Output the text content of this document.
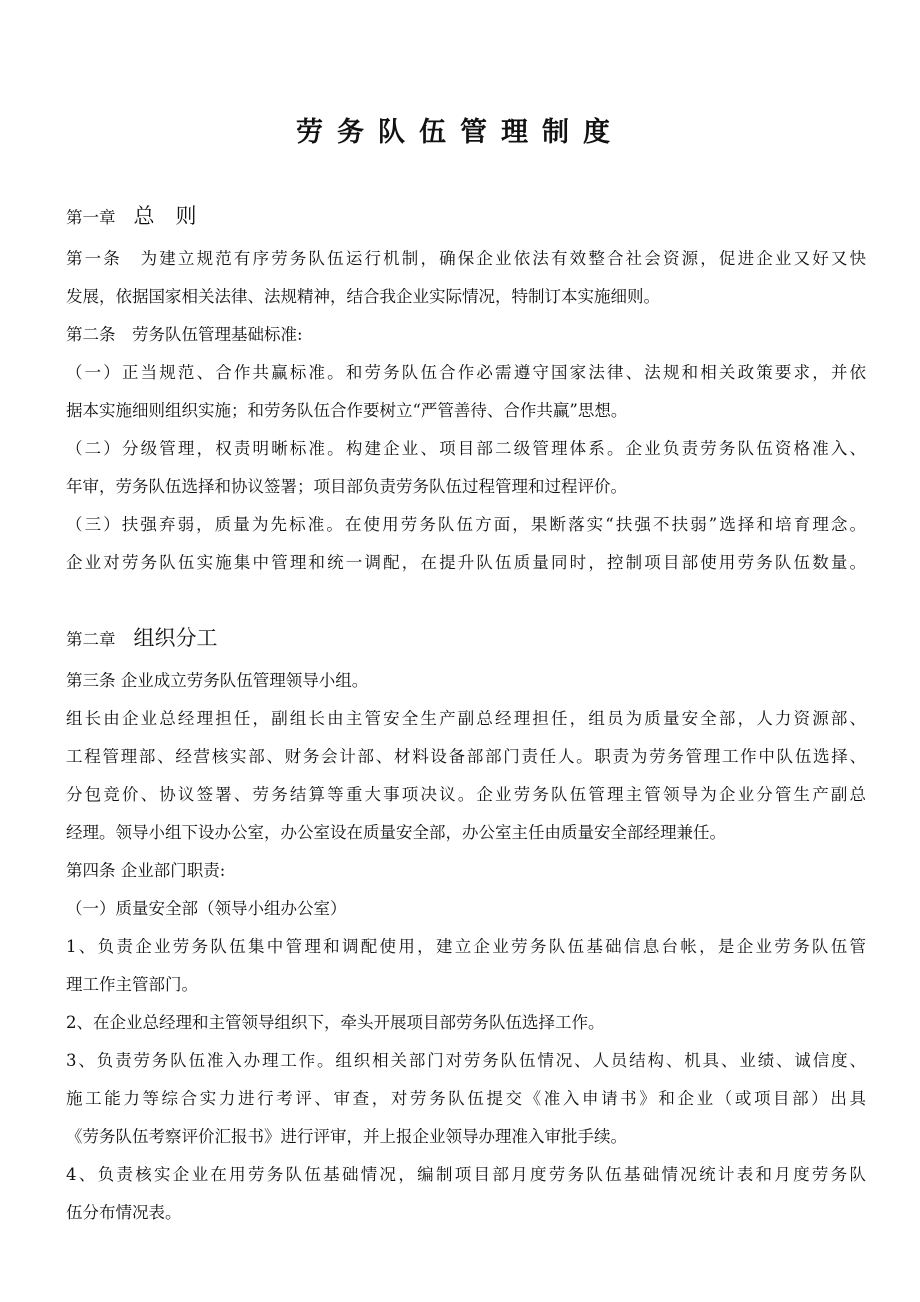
www.zixin.com.cn
劳务队伍管理制度
第一章 总　则
第一条　为建立规范有序劳务队伍运行机制，确保企业依法有效整合社会资源，促进企业又好又快
发展，依据国家相关法律、法规精神，结合我企业实际情况，特制订本实施细则。
第二条　劳务队伍管理基础标准:
（一）正当规范、合作共赢标准。和劳务队伍合作必需遵守国家法律、法规和相关政策要求，并依
据本实施细则组织实施；和劳务队伍合作要树立“严管善待、合作共赢”思想。
（二）分级管理，权责明晰标准。构建企业、项目部二级管理体系。企业负责劳务队伍资格准入、
年审，劳务队伍选择和协议签署；项目部负责劳务队伍过程管理和过程评价。
（三）扶强弃弱，质量为先标准。在使用劳务队伍方面，果断落实“扶强不扶弱”选择和培育理念。
企业对劳务队伍实施集中管理和统一调配，在提升队伍质量同时，控制项目部使用劳务队伍数量。
第二章 组织分工
第三条 企业成立劳务队伍管理领导小组。
组长由企业总经理担任，副组长由主管安全生产副总经理担任，组员为质量安全部，人力资源部、
工程管理部、经营核实部、财务会计部、材料设备部部门责任人。职责为劳务管理工作中队伍选择、
分包竞价、协议签署、劳务结算等重大事项决议。企业劳务队伍管理主管领导为企业分管生产副总
经理。领导小组下设办公室，办公室设在质量安全部，办公室主任由质量安全部经理兼任。
第四条 企业部门职责:
（一）质量安全部（领导小组办公室）
1、负责企业劳务队伍集中管理和调配使用，建立企业劳务队伍基础信息台帐，是企业劳务队伍管
理工作主管部门。
2、在企业总经理和主管领导组织下，牵头开展项目部劳务队伍选择工作。
3、负责劳务队伍准入办理工作。组织相关部门对劳务队伍情况、人员结构、机具、业绩、诚信度、
施工能力等综合实力进行考评、审查，对劳务队伍提交《准入申请书》和企业（或项目部）出具
《劳务队伍考察评价汇报书》进行评审，并上报企业领导办理准入审批手续。
4、负责核实企业在用劳务队伍基础情况，编制项目部月度劳务队伍基础情况统计表和月度劳务队
伍分布情况表。
